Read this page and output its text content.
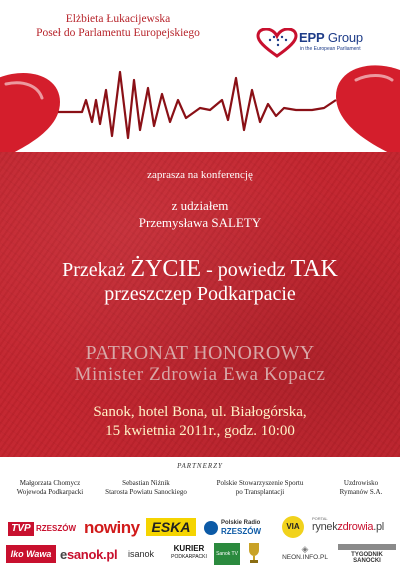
Elżbieta Łukacijewska
Poseł do Parlamentu Europejskiego	EPP Group
in the European Parliament
zaprasza na konferencję
z udziałem
Przemysława SALETY
Przekaż ŻYCIE - powiedz TAK
przeszczep Podkarpacie
PATRONAT HONOROWY
Minister Zdrowia Ewa Kopacz
Sanok, hotel Bona, ul. Białogórska,
15 kwietnia 2011r., godz. 10:00
PARTNERZY
Małgorzata Chomycz
Wojewoda Podkarpacki
Sebastian Niżnik
Starosta Powiatu Sanockiego
Polskie Stowarzyszenie Sportu
po Transplantacji
Uzdrowisko
Rymanów S.A.
TVP RZESZÓW nowiny ESKA	Polskie Radio
RZESZÓW
VIA
PORTAL
rynekzdrowia.pl
Iko Wawa esanok.pl isanok
KURIER
PODKARPACKI	Sanok TV	◈
NEON.INFO.PL	TYGODNIK SANOCKI
